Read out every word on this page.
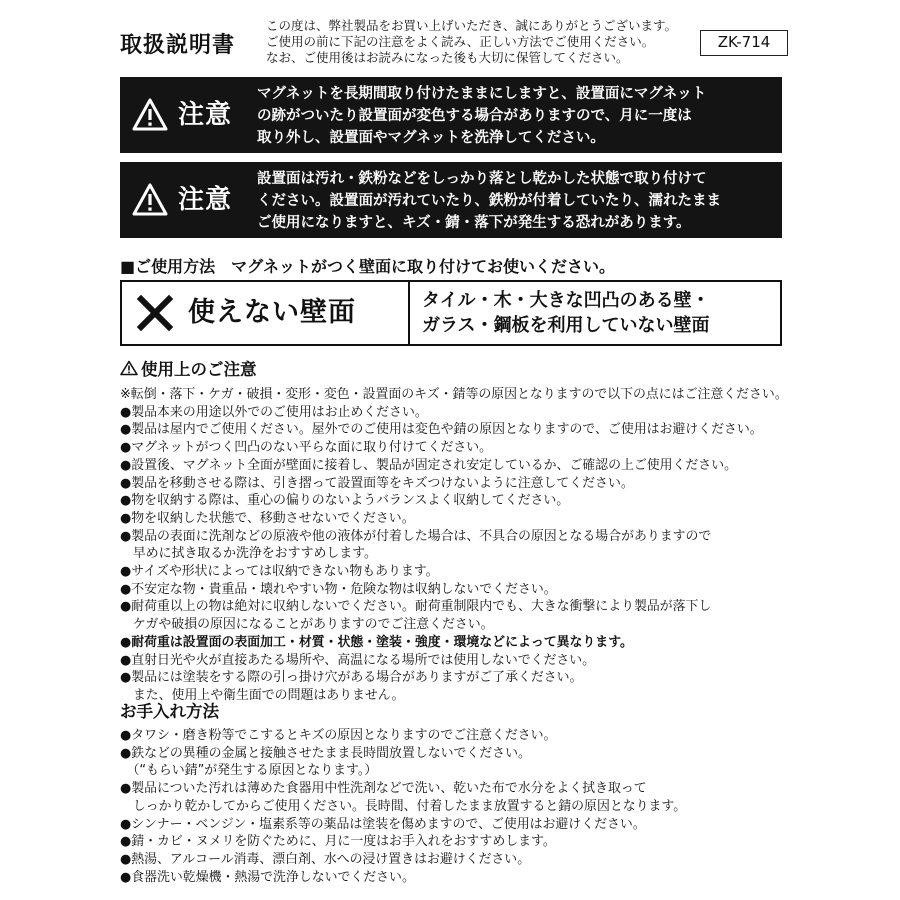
取扱説明書
この度は、弊社製品をお買い上げいただき、誠にありがとうございます。
ご使用の前に下記の注意をよく読み、正しい方法でご使用ください。
なお、ご使用後はお読みになった後も大切に保管してください。
ZK-714
注意
マグネットを長期間取り付けたままにしますと、設置面にマグネット
の跡がついたり設置面が変色する場合がありますので、月に一度は
取り外し、設置面やマグネットを洗浄してください。
注意
設置面は汚れ・鉄粉などをしっかり落とし乾かした状態で取り付けて
ください。設置面が汚れていたり、鉄粉が付着していたり、濡れたまま
ご使用になりますと、キズ・錆・落下が発生する恐れがあります。
■ご使用方法　マグネットがつく壁面に取り付けてお使いください。
使えない壁面	タイル・木・大きな凹凸のある壁・
ガラス・鋼板を利用していない壁面
使用上のご注意
※転倒・落下・ケガ・破損・変形・変色・設置面のキズ・錆等の原因となりますので以下の点にはご注意ください。
●製品本来の用途以外でのご使用はお止めください。
●製品は屋内でご使用ください。屋外でのご使用は変色や錆の原因となりますので、ご使用はお避けください。
●マグネットがつく凹凸のない平らな面に取り付けてください。
●設置後、マグネット全面が壁面に接着し、製品が固定され安定しているか、ご確認の上ご使用ください。
●製品を移動させる際は、引き摺って設置面等をキズつけないように注意してください。
●物を収納する際は、重心の偏りのないようバランスよく収納してください。
●物を収納した状態で、移動させないでください。
●製品の表面に洗剤などの原液や他の液体が付着した場合は、不具合の原因となる場合がありますので
　早めに拭き取るか洗浄をおすすめします。
●サイズや形状によっては収納できない物もあります。
●不安定な物・貴重品・壊れやすい物・危険な物は収納しないでください。
●耐荷重以上の物は絶対に収納しないでください。耐荷重制限内でも、大きな衝撃により製品が落下し
　ケガや破損の原因になることがありますのでご注意ください。
●耐荷重は設置面の表面加工・材質・状態・塗装・強度・環境などによって異なります。
●直射日光や火が直接あたる場所や、高温になる場所では使用しないでください。
●製品には塗装をする際の引っ掛け穴がある場合がありますがご了承ください。
　また、使用上や衛生面での問題はありません。
お手入れ方法
●タワシ・磨き粉等でこするとキズの原因となりますのでご注意ください。
●鉄などの異種の金属と接触させたまま長時間放置しないでください。
　（“もらい錆”が発生する原因となります。）
●製品についた汚れは薄めた食器用中性洗剤などで洗い、乾いた布で水分をよく拭き取って
　しっかり乾かしてからご使用ください。長時間、付着したまま放置すると錆の原因となります。
●シンナー・ベンジン・塩素系等の薬品は塗装を傷めますので、ご使用はお避けください。
●錆・カビ・ヌメリを防ぐために、月に一度はお手入れをおすすめします。
●熱湯、アルコール消毒、漂白剤、水への浸け置きはお避けください。
●食器洗い乾燥機・熱湯で洗浄しないでください。
